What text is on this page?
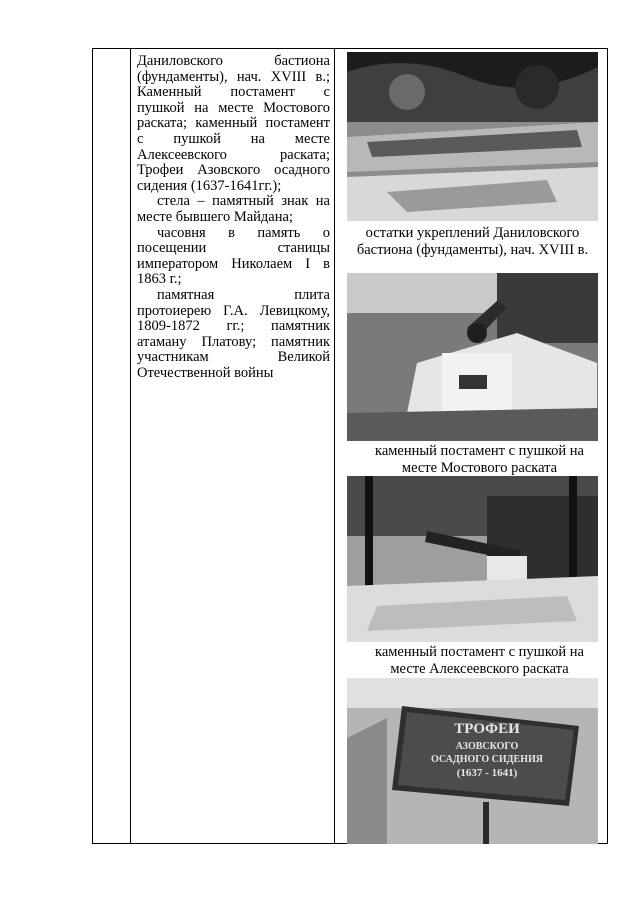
Даниловского бастиона (фундаменты), нач. XVIII в.; Каменный постамент с пушкой на месте Мостового раската; каменный постамент с пушкой на месте Алексеевского раската; Трофеи Азовского осадного сидения (1637-1641гг.);

стела – памятный знак на месте бывшего Майдана;

часовня в память о посещении станицы императором Николаем I в 1863 г.;

памятная плита протоиерею Г.А. Левицкому, 1809-1872 гг.; памятник атаману Платову; памятник участникам Великой Отечественной войны

остатки укреплений Даниловского бастиона (фундаменты), нач. XVIII в.
каменный постамент с пушкой на месте Мостового раската
каменный постамент с пушкой на месте Алексеевского раската
ТРОФЕИ
АЗОВСКОГО
ОСАДНОГО СИДЕНИЯ
(1637 - 1641)
